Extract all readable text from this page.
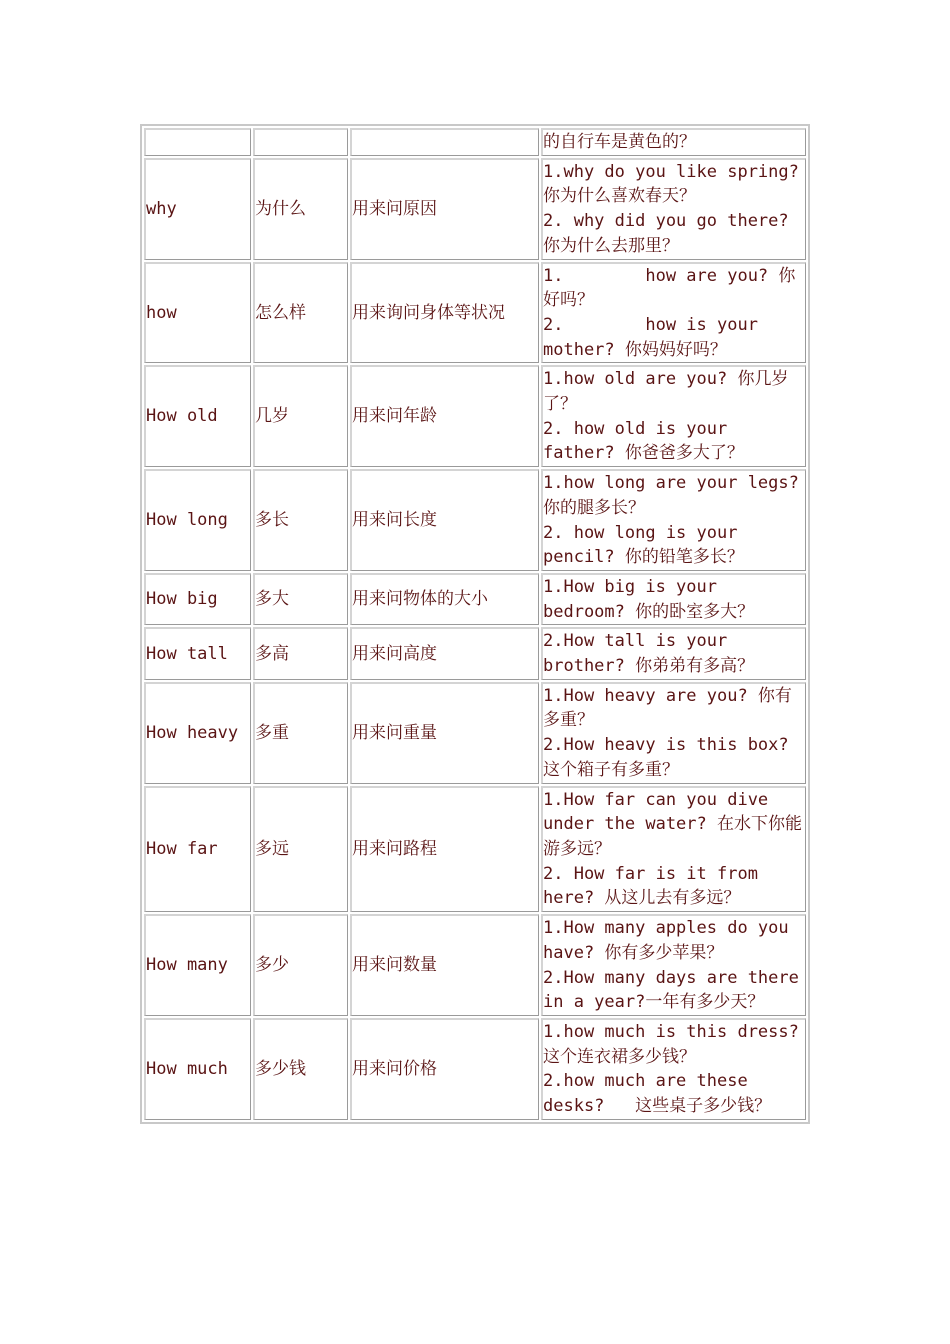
			的自行车是黄色的？

why	为什么	用来问原因	1.why do you like spring? 你为什么喜欢春天？
2. why did you go there? 你为什么去那里？

how	怎么样	用来询问身体等状况	1.        how are you? 你好吗？
2.        how is your mother? 你妈妈好吗？

How old	几岁	用来问年龄	1.how old are you? 你几岁了？
2. how old is your father? 你爸爸多大了？

How long	多长	用来问长度	1.how long are your legs? 你的腿多长？
2. how long is your pencil? 你的铅笔多长？

How big	多大	用来问物体的大小	1.How big is your bedroom? 你的卧室多大？

How tall	多高	用来问高度	2.How tall is your brother? 你弟弟有多高？

How heavy	多重	用来问重量	1.How heavy are you? 你有多重？
2.How heavy is this box? 这个箱子有多重？

How far	多远	用来问路程	1.How far can you dive under the water? 在水下你能游多远？
2. How far is it from here? 从这儿去有多远？

How many	多少	用来问数量	1.How many apples do you have? 你有多少苹果？
2.How many days are there in a year?一年有多少天？

How much	多少钱	用来问价格	1.how much is this dress? 这个连衣裙多少钱？
2.how much are these desks?   这些桌子多少钱？
